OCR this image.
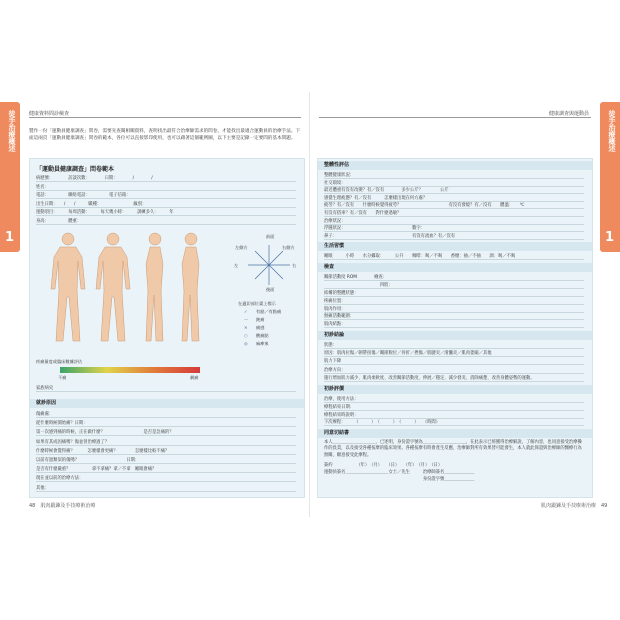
徒手治療概述
1
健康資料問診檢查
製作一份「運動員健康調查」問卷，需要先查閱相關資料，查明找出最符合治療師需求的問卷。才能找出最適合運動員的治療手法。下面這兩頁「運動員健康調查」問卷的範本，各位可以直接影印使用，也可以藉著這個範例圖，以下主要是記錄一定要問的基本問題。
「運動員健康調查」問卷範本
病歷號：　　　　訪談次數：　　　　日期：　　　　/　　　　/
姓名：
電話：　　　　　聯絡電話：　　　　　電子信箱：
出生日期：　　/　　/　　　職種：　　　　　　　　級別：
運動項目：　　　每周活動：　　　每天幾小時：　　　訓練多久：　　　年
身高：　　　　　體重：
前面
左側方	右側方
左	右
後面
在適切部位畫上標示
✓ 有點／有點痛
〰 鈍痛
✕ 痛感
○ 酸痛點
◎ 麻痺來
疼痛量度或臨床數據評估
不痛	劇痛
家族病史
就診原因
傷痛處：
從什麼時候開始痛？日期：
第一次感到痛的時候，正在做什麼？　　　　　　　　　是否是急痛的？
如果有其成因痛嗎？傷並曾治療過了？
什麼時候會覺得痛？　　　怎麼樣會更痛？　　　　怎麼樣比較不痛？
以前有過類似的傷嗎？　　　　　　　　　　　日期：
是否有什麼嚴重？　　　　　拿不拿痛？拿／不拿　睡眠會痛？
現在並以前的治療方法：
其他：
48　肌肉鍛鍊及手技療術治療
徒手治療概述
1
健康調查與運動員
整體性評估
整體健康狀況：
社交環境：
最近體重有沒有改變？有／沒有　　　　多少公斤？　　　　公斤
感覺生理疲憊？有／沒有　　　怎麼樣出現在何方處？
疲勞？有／沒有　　什麼時候覺得疲勞？　　　　　　　　　　　有沒有發燒？有／沒有　　體溫：　　℃
有沒有搭車？有／沒有　　對什麼過敏？
治療狀況：
浮腫狀況：　　　　　　　　　　　　　　　　數字：
鼻子：　　　　　　　　　　　　　　　　　　有沒有流血？有／沒有
生活習慣
睡眠　　　小時　　水分攝取：　　　公升　　咖啡：喝／不喝　　香煙：抽／不抽　　酒：喝／不喝
檢查
關節活動度 ROM　　　　檢查：
　　　　　　　　　　　　　四肢：
結構的整體狀態：
疼痛位置：
肌肉作用：
無痛活動範圍：
肌肉結點：
初診結論
狀態：
原因：肌肉拉傷／韌帶扭傷／關節脫位／骨折／挫傷／肌腱炎／滑囊炎／肌肉萎縮／其他
肌力下降
治療方向：
施行增加肌力減少、肌肉柔軟度、改善關節活動度、伸展／穩定、減少發炎、消除痛楚、改善身體姿勢的運動。
初診評價
治療，使用方法：
療程結束日期：
療程結束時說明：
下次療程：　　　（　　　）　（　　　）　（　　　）　　（時間）
同意切結書
本人＿＿＿＿＿＿＿＿＿＿，已述明，身份證字號為＿＿＿＿＿＿＿＿＿＿，在此表示已經獲得治療解說，了解內容，也同意接受治療操作的負責，以及接受各種按摩的臨床效果。各種按摩有時會產生反應，治療師對所有效果皆可能發生，本人就此保證與治療師的醫療行為無關，願意接受此療程。
簽約　　　　　　（年）　（月）　　（日）　　（年）　（月）　（日）
運動員簽名＿＿＿＿＿＿＿＿＿＿女士／先生　　　治療師簽名＿＿＿＿＿＿＿
　　　　　　　　　　　　　　　　　　　　　　　身份證字號＿＿＿＿＿＿＿
肌肉鍛鍊及手技療術治療　49
